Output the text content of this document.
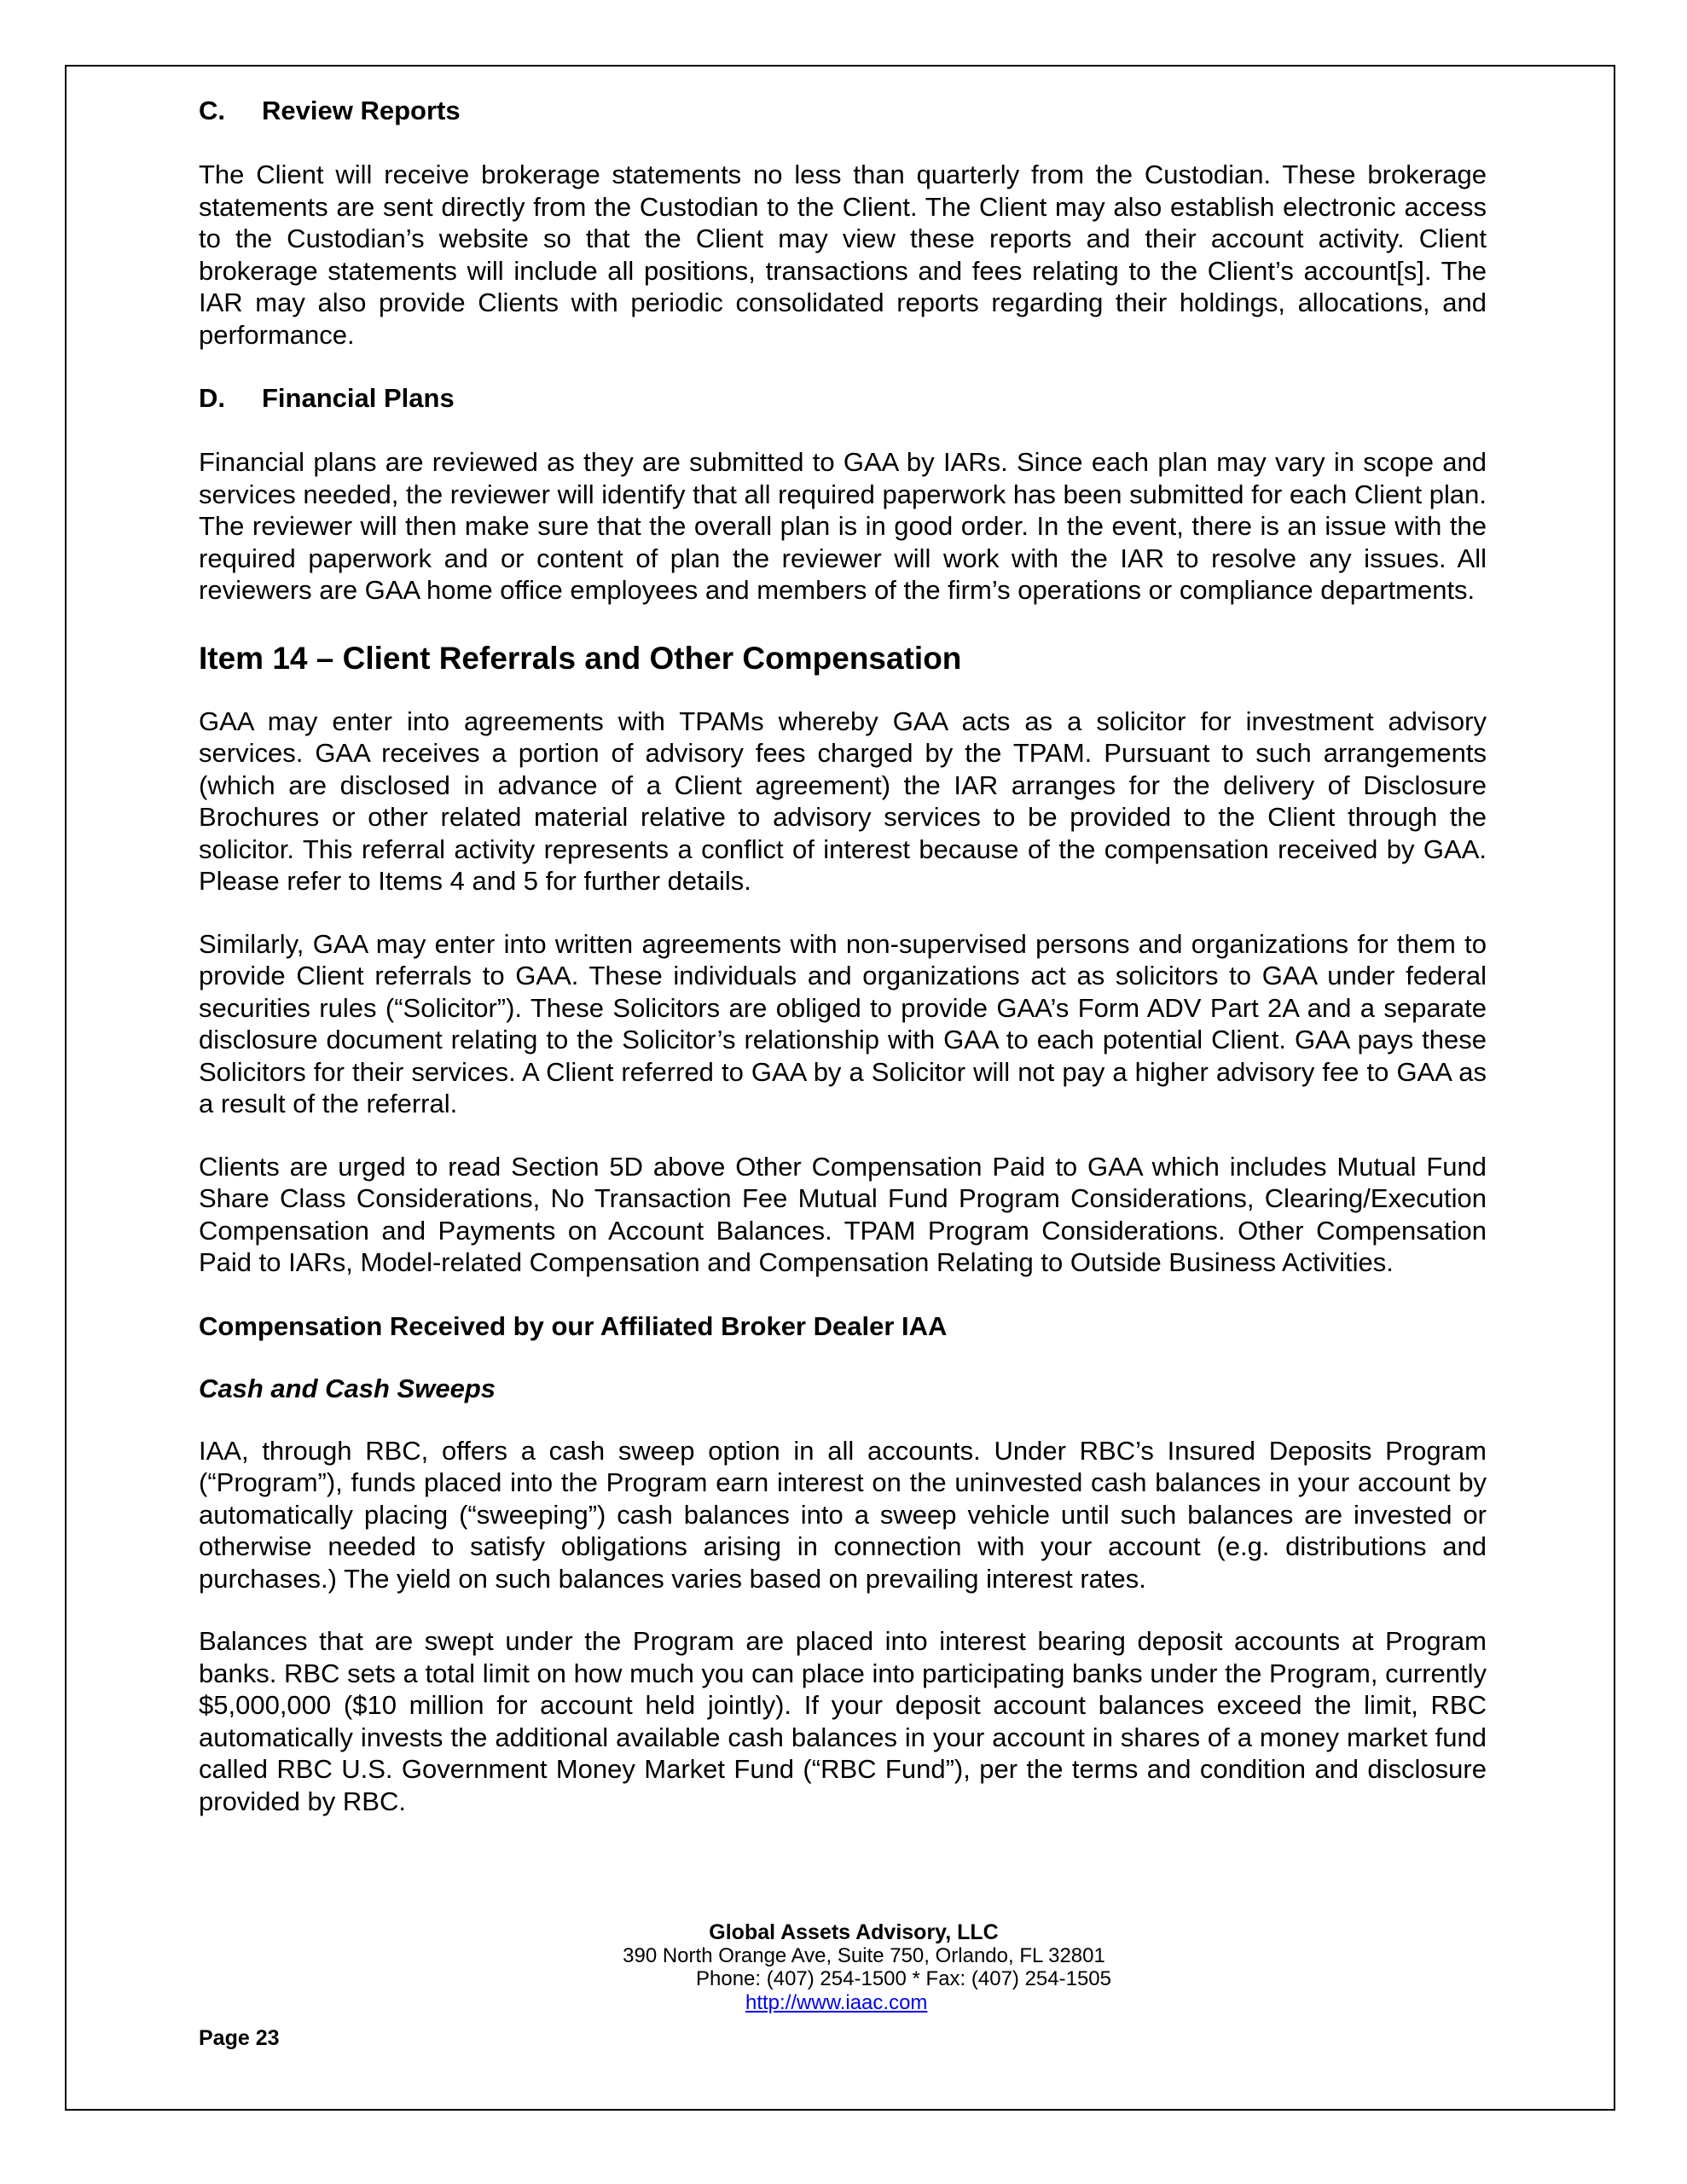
C. Review Reports

The Client will receive brokerage statements no less than quarterly from the Custodian. These brokerage statements are sent directly from the Custodian to the Client. The Client may also establish electronic access to the Custodian’s website so that the Client may view these reports and their account activity. Client brokerage statements will include all positions, transactions and fees relating to the Client’s account[s]. The IAR may also provide Clients with periodic consolidated reports regarding their holdings, allocations, and performance.

D. Financial Plans

Financial plans are reviewed as they are submitted to GAA by IARs. Since each plan may vary in scope and services needed, the reviewer will identify that all required paperwork has been submitted for each Client plan. The reviewer will then make sure that the overall plan is in good order. In the event, there is an issue with the required paperwork and or content of plan the reviewer will work with the IAR to resolve any issues. All reviewers are GAA home office employees and members of the firm’s operations or compliance departments.

Item 14 – Client Referrals and Other Compensation

GAA may enter into agreements with TPAMs whereby GAA acts as a solicitor for investment advisory services. GAA receives a portion of advisory fees charged by the TPAM. Pursuant to such arrangements (which are disclosed in advance of a Client agreement) the IAR arranges for the delivery of Disclosure Brochures or other related material relative to advisory services to be provided to the Client through the solicitor. This referral activity represents a conflict of interest because of the compensation received by GAA. Please refer to Items 4 and 5 for further details.

Similarly, GAA may enter into written agreements with non-supervised persons and organizations for them to provide Client referrals to GAA. These individuals and organizations act as solicitors to GAA under federal securities rules (“Solicitor”). These Solicitors are obliged to provide GAA’s Form ADV Part 2A and a separate disclosure document relating to the Solicitor’s relationship with GAA to each potential Client. GAA pays these Solicitors for their services. A Client referred to GAA by a Solicitor will not pay a higher advisory fee to GAA as a result of the referral.

Clients are urged to read Section 5D above Other Compensation Paid to GAA which includes Mutual Fund Share Class Considerations, No Transaction Fee Mutual Fund Program Considerations, Clearing/Execution Compensation and Payments on Account Balances. TPAM Program Considerations. Other Compensation Paid to IARs, Model-related Compensation and Compensation Relating to Outside Business Activities.

Compensation Received by our Affiliated Broker Dealer IAA
Cash and Cash Sweeps

IAA, through RBC, offers a cash sweep option in all accounts. Under RBC’s Insured Deposits Program (“Program”), funds placed into the Program earn interest on the uninvested cash balances in your account by automatically placing (“sweeping”) cash balances into a sweep vehicle until such balances are invested or otherwise needed to satisfy obligations arising in connection with your account (e.g. distributions and purchases.) The yield on such balances varies based on prevailing interest rates.

Balances that are swept under the Program are placed into interest bearing deposit accounts at Program banks. RBC sets a total limit on how much you can place into participating banks under the Program, currently $5,000,000 ($10 million for account held jointly). If your deposit account balances exceed the limit, RBC automatically invests the additional available cash balances in your account in shares of a money market fund called RBC U.S. Government Money Market Fund (“RBC Fund”), per the terms and condition and disclosure provided by RBC.

Global Assets Advisory, LLC
390 North Orange Ave, Suite 750, Orlando, FL 32801
Phone: (407) 254-1500 * Fax: (407) 254-1505
http://www.iaac.com
Page 23
